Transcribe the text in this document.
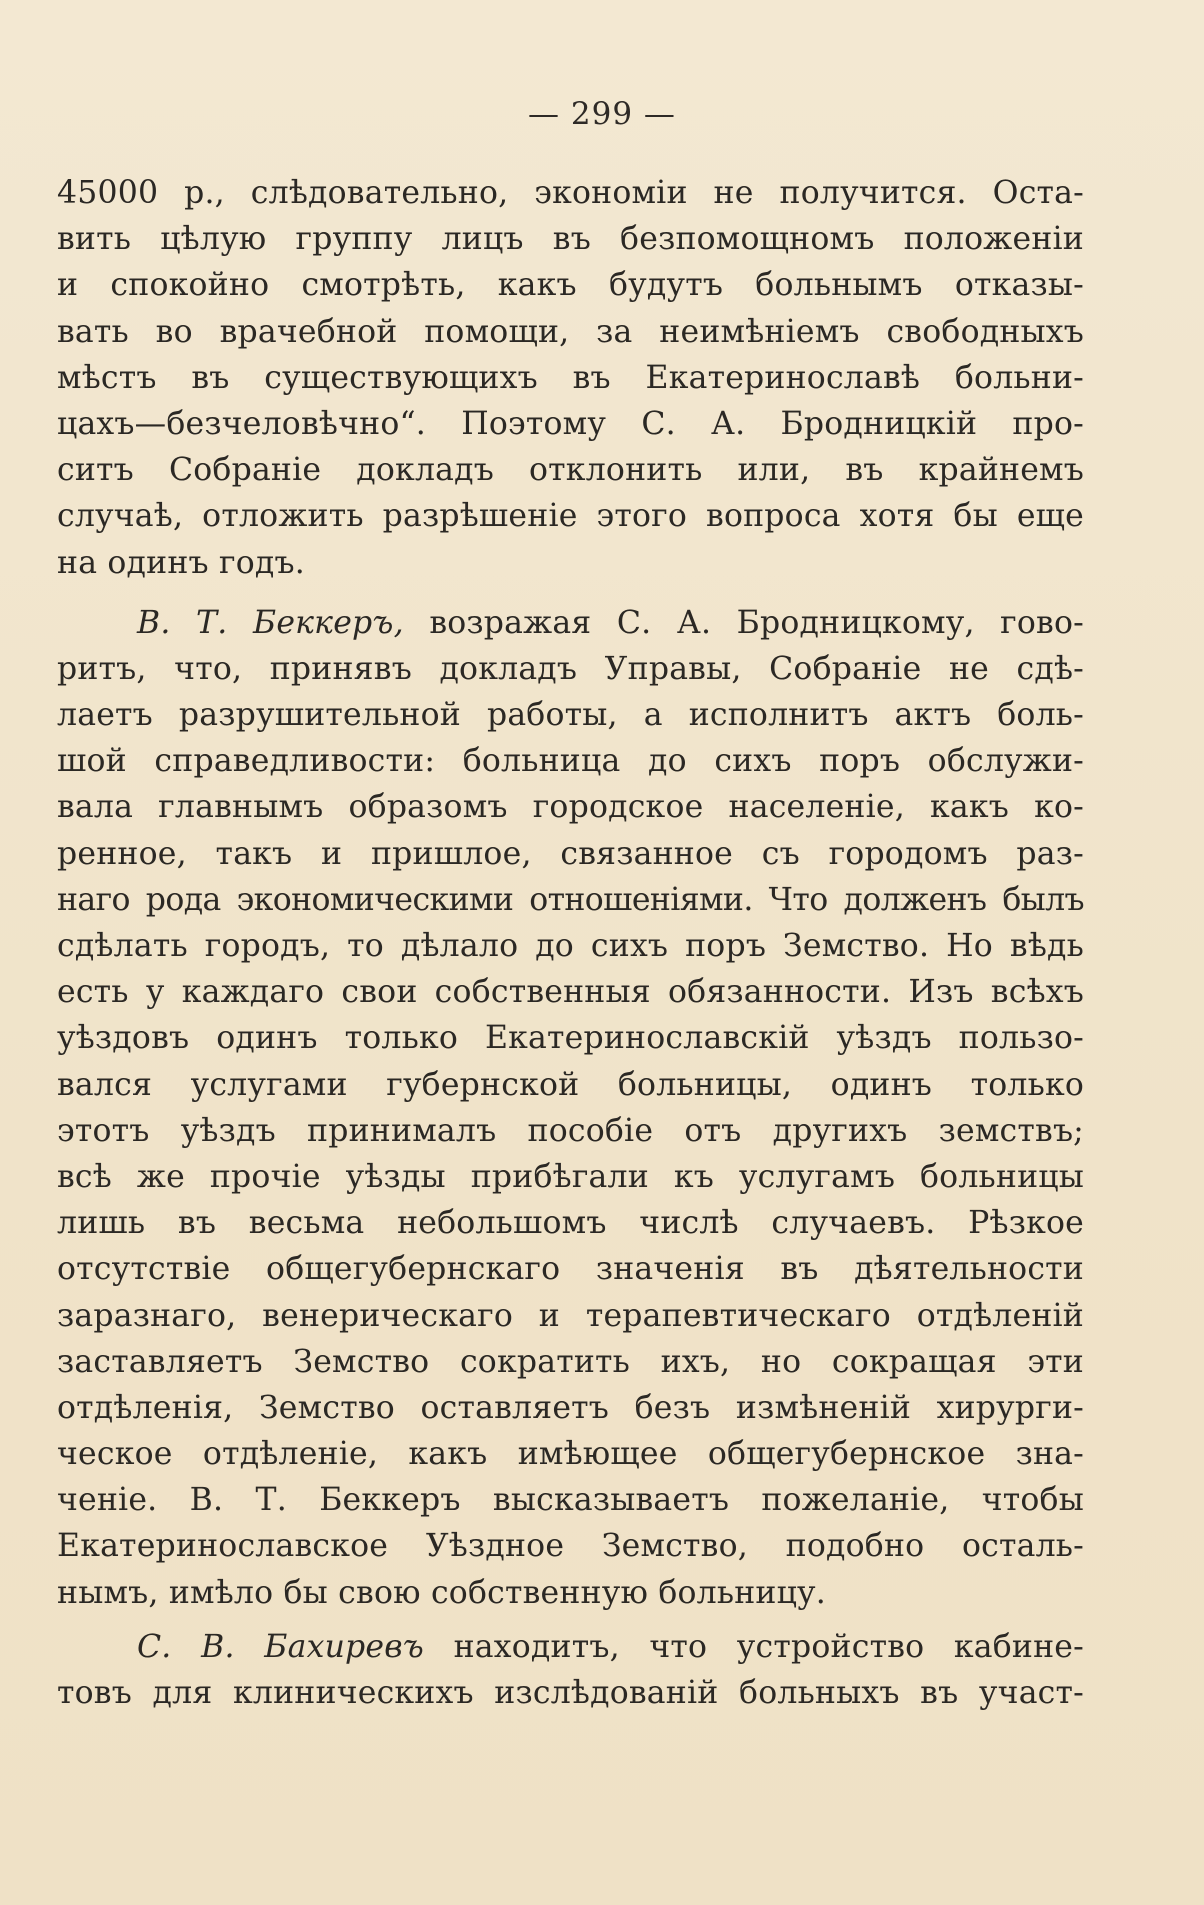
— 299 —
45000 р., слѣдовательно, экономіи не получится. Оста-
вить цѣлую группу лицъ въ безпомощномъ положеніи
и спокойно смотрѣть, какъ будутъ больнымъ отказы-
вать во врачебной помощи, за неимѣніемъ свободныхъ
мѣстъ въ существующихъ въ Екатеринославѣ больни-
цахъ—безчеловѣчно“. Поэтому С. А. Бродницкій про-
ситъ Собраніе докладъ отклонить или, въ крайнемъ
случаѣ, отложить разрѣшеніе этого вопроса хотя бы еще
на одинъ годъ.
В. Т. Беккеръ, возражая С. А. Бродницкому, гово-
ритъ, что, принявъ докладъ Управы, Собраніе не сдѣ-
лаетъ разрушительной работы, а исполнитъ актъ боль-
шой справедливости: больница до сихъ поръ обслужи-
вала главнымъ образомъ городское населеніе, какъ ко-
ренное, такъ и пришлое, связанное съ городомъ раз-
наго рода экономическими отношеніями. Что долженъ былъ
сдѣлать городъ, то дѣлало до сихъ поръ Земство. Но вѣдь
есть у каждаго свои собственныя обязанности. Изъ всѣхъ
уѣздовъ одинъ только Екатеринославскій уѣздъ пользо-
вался услугами губернской больницы, одинъ только
этотъ уѣздъ принималъ пособіе отъ другихъ земствъ;
всѣ же прочіе уѣзды прибѣгали къ услугамъ больницы
лишь въ весьма небольшомъ числѣ случаевъ. Рѣзкое
отсутствіе общегубернскаго значенія въ дѣятельности
заразнаго, венерическаго и терапевтическаго отдѣленій
заставляетъ Земство сократить ихъ, но сокращая эти
отдѣленія, Земство оставляетъ безъ измѣненій хирурги-
ческое отдѣленіе, какъ имѣющее общегубернское зна-
ченіе. В. Т. Беккеръ высказываетъ пожеланіе, чтобы
Екатеринославское Уѣздное Земство, подобно осталь-
нымъ, имѣло бы свою собственную больницу.
С. В. Бахиревъ находитъ, что устройство кабине-
товъ для клиническихъ изслѣдованій больныхъ въ участ-
